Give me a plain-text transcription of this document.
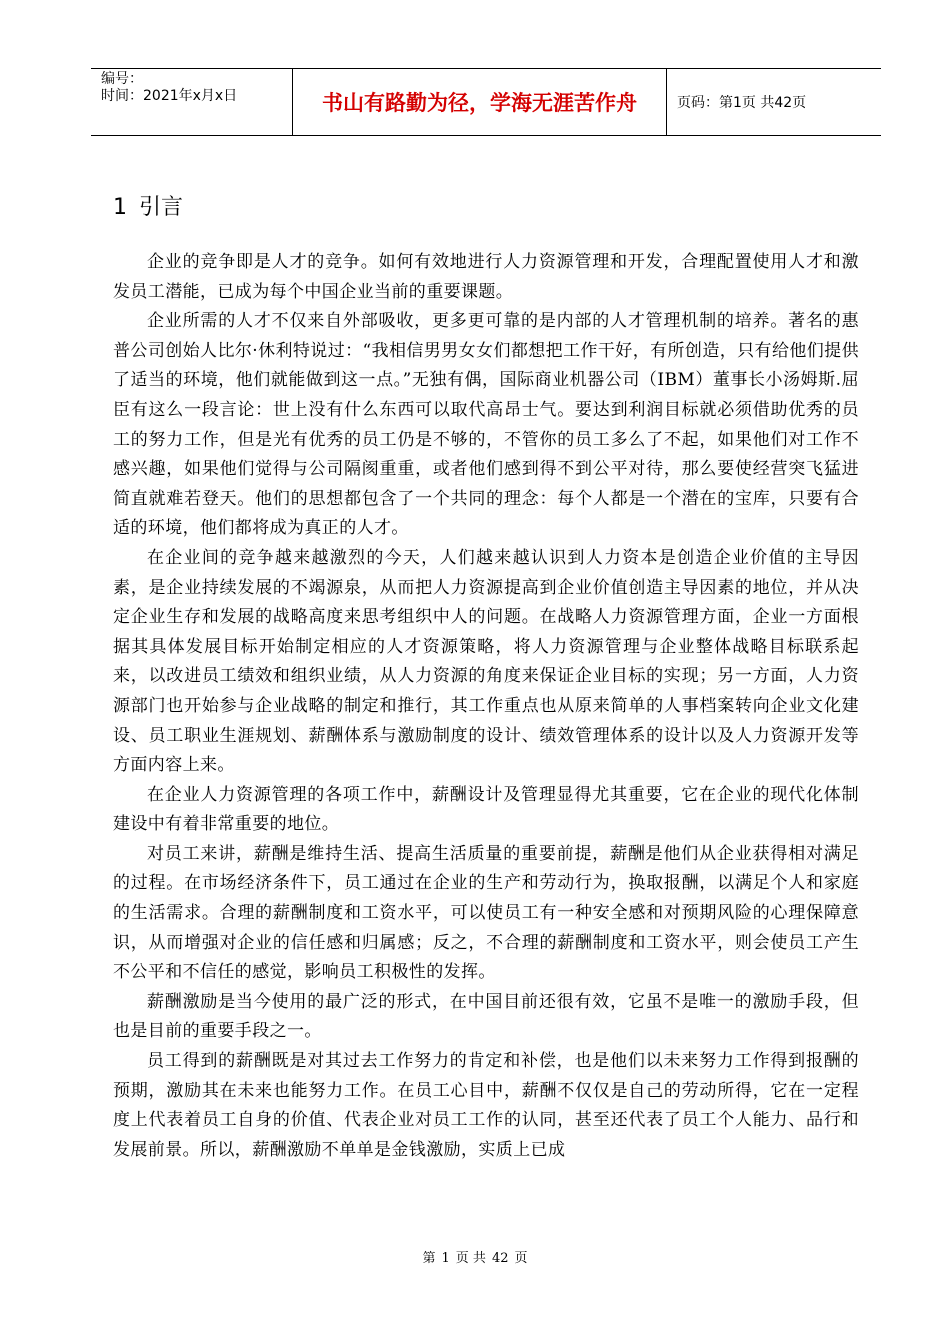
编号：
时间：2021年x月x日	书山有路勤为径，学海无涯苦作舟	页码：第1页 共42页
1 引言

企业的竞争即是人才的竞争。如何有效地进行人力资源管理和开发，合理配置使用人才和激发员工潜能，已成为每个中国企业当前的重要课题。

企业所需的人才不仅来自外部吸收，更多更可靠的是内部的人才管理机制的培养。著名的惠普公司创始人比尔·休利特说过：“我相信男男女女们都想把工作干好，有所创造，只有给他们提供了适当的环境，他们就能做到这一点。”无独有偶，国际商业机器公司（IBM）董事长小汤姆斯.屈臣有这么一段言论：世上没有什么东西可以取代高昂士气。要达到利润目标就必须借助优秀的员工的努力工作，但是光有优秀的员工仍是不够的，不管你的员工多么了不起，如果他们对工作不感兴趣，如果他们觉得与公司隔阂重重，或者他们感到得不到公平对待，那么要使经营突飞猛进简直就难若登天。他们的思想都包含了一个共同的理念：每个人都是一个潜在的宝库，只要有合适的环境，他们都将成为真正的人才。

在企业间的竞争越来越激烈的今天，人们越来越认识到人力资本是创造企业价值的主导因素，是企业持续发展的不竭源泉，从而把人力资源提高到企业价值创造主导因素的地位，并从决定企业生存和发展的战略高度来思考组织中人的问题。在战略人力资源管理方面，企业一方面根据其具体发展目标开始制定相应的人才资源策略，将人力资源管理与企业整体战略目标联系起来，以改进员工绩效和组织业绩，从人力资源的角度来保证企业目标的实现；另一方面，人力资源部门也开始参与企业战略的制定和推行，其工作重点也从原来简单的人事档案转向企业文化建设、员工职业生涯规划、薪酬体系与激励制度的设计、绩效管理体系的设计以及人力资源开发等方面内容上来。

在企业人力资源管理的各项工作中，薪酬设计及管理显得尤其重要，它在企业的现代化体制建设中有着非常重要的地位。

对员工来讲，薪酬是维持生活、提高生活质量的重要前提，薪酬是他们从企业获得相对满足的过程。在市场经济条件下，员工通过在企业的生产和劳动行为，换取报酬，以满足个人和家庭的生活需求。合理的薪酬制度和工资水平，可以使员工有一种安全感和对预期风险的心理保障意识，从而增强对企业的信任感和归属感；反之，不合理的薪酬制度和工资水平，则会使员工产生不公平和不信任的感觉，影响员工积极性的发挥。

薪酬激励是当今使用的最广泛的形式，在中国目前还很有效，它虽不是唯一的激励手段，但也是目前的重要手段之一。

员工得到的薪酬既是对其过去工作努力的肯定和补偿，也是他们以未来努力工作得到报酬的预期，激励其在未来也能努力工作。在员工心目中，薪酬不仅仅是自己的劳动所得，它在一定程度上代表着员工自身的价值、代表企业对员工工作的认同，甚至还代表了员工个人能力、品行和发展前景。所以，薪酬激励不单单是金钱激励，实质上已成

第 1 页 共 42 页
